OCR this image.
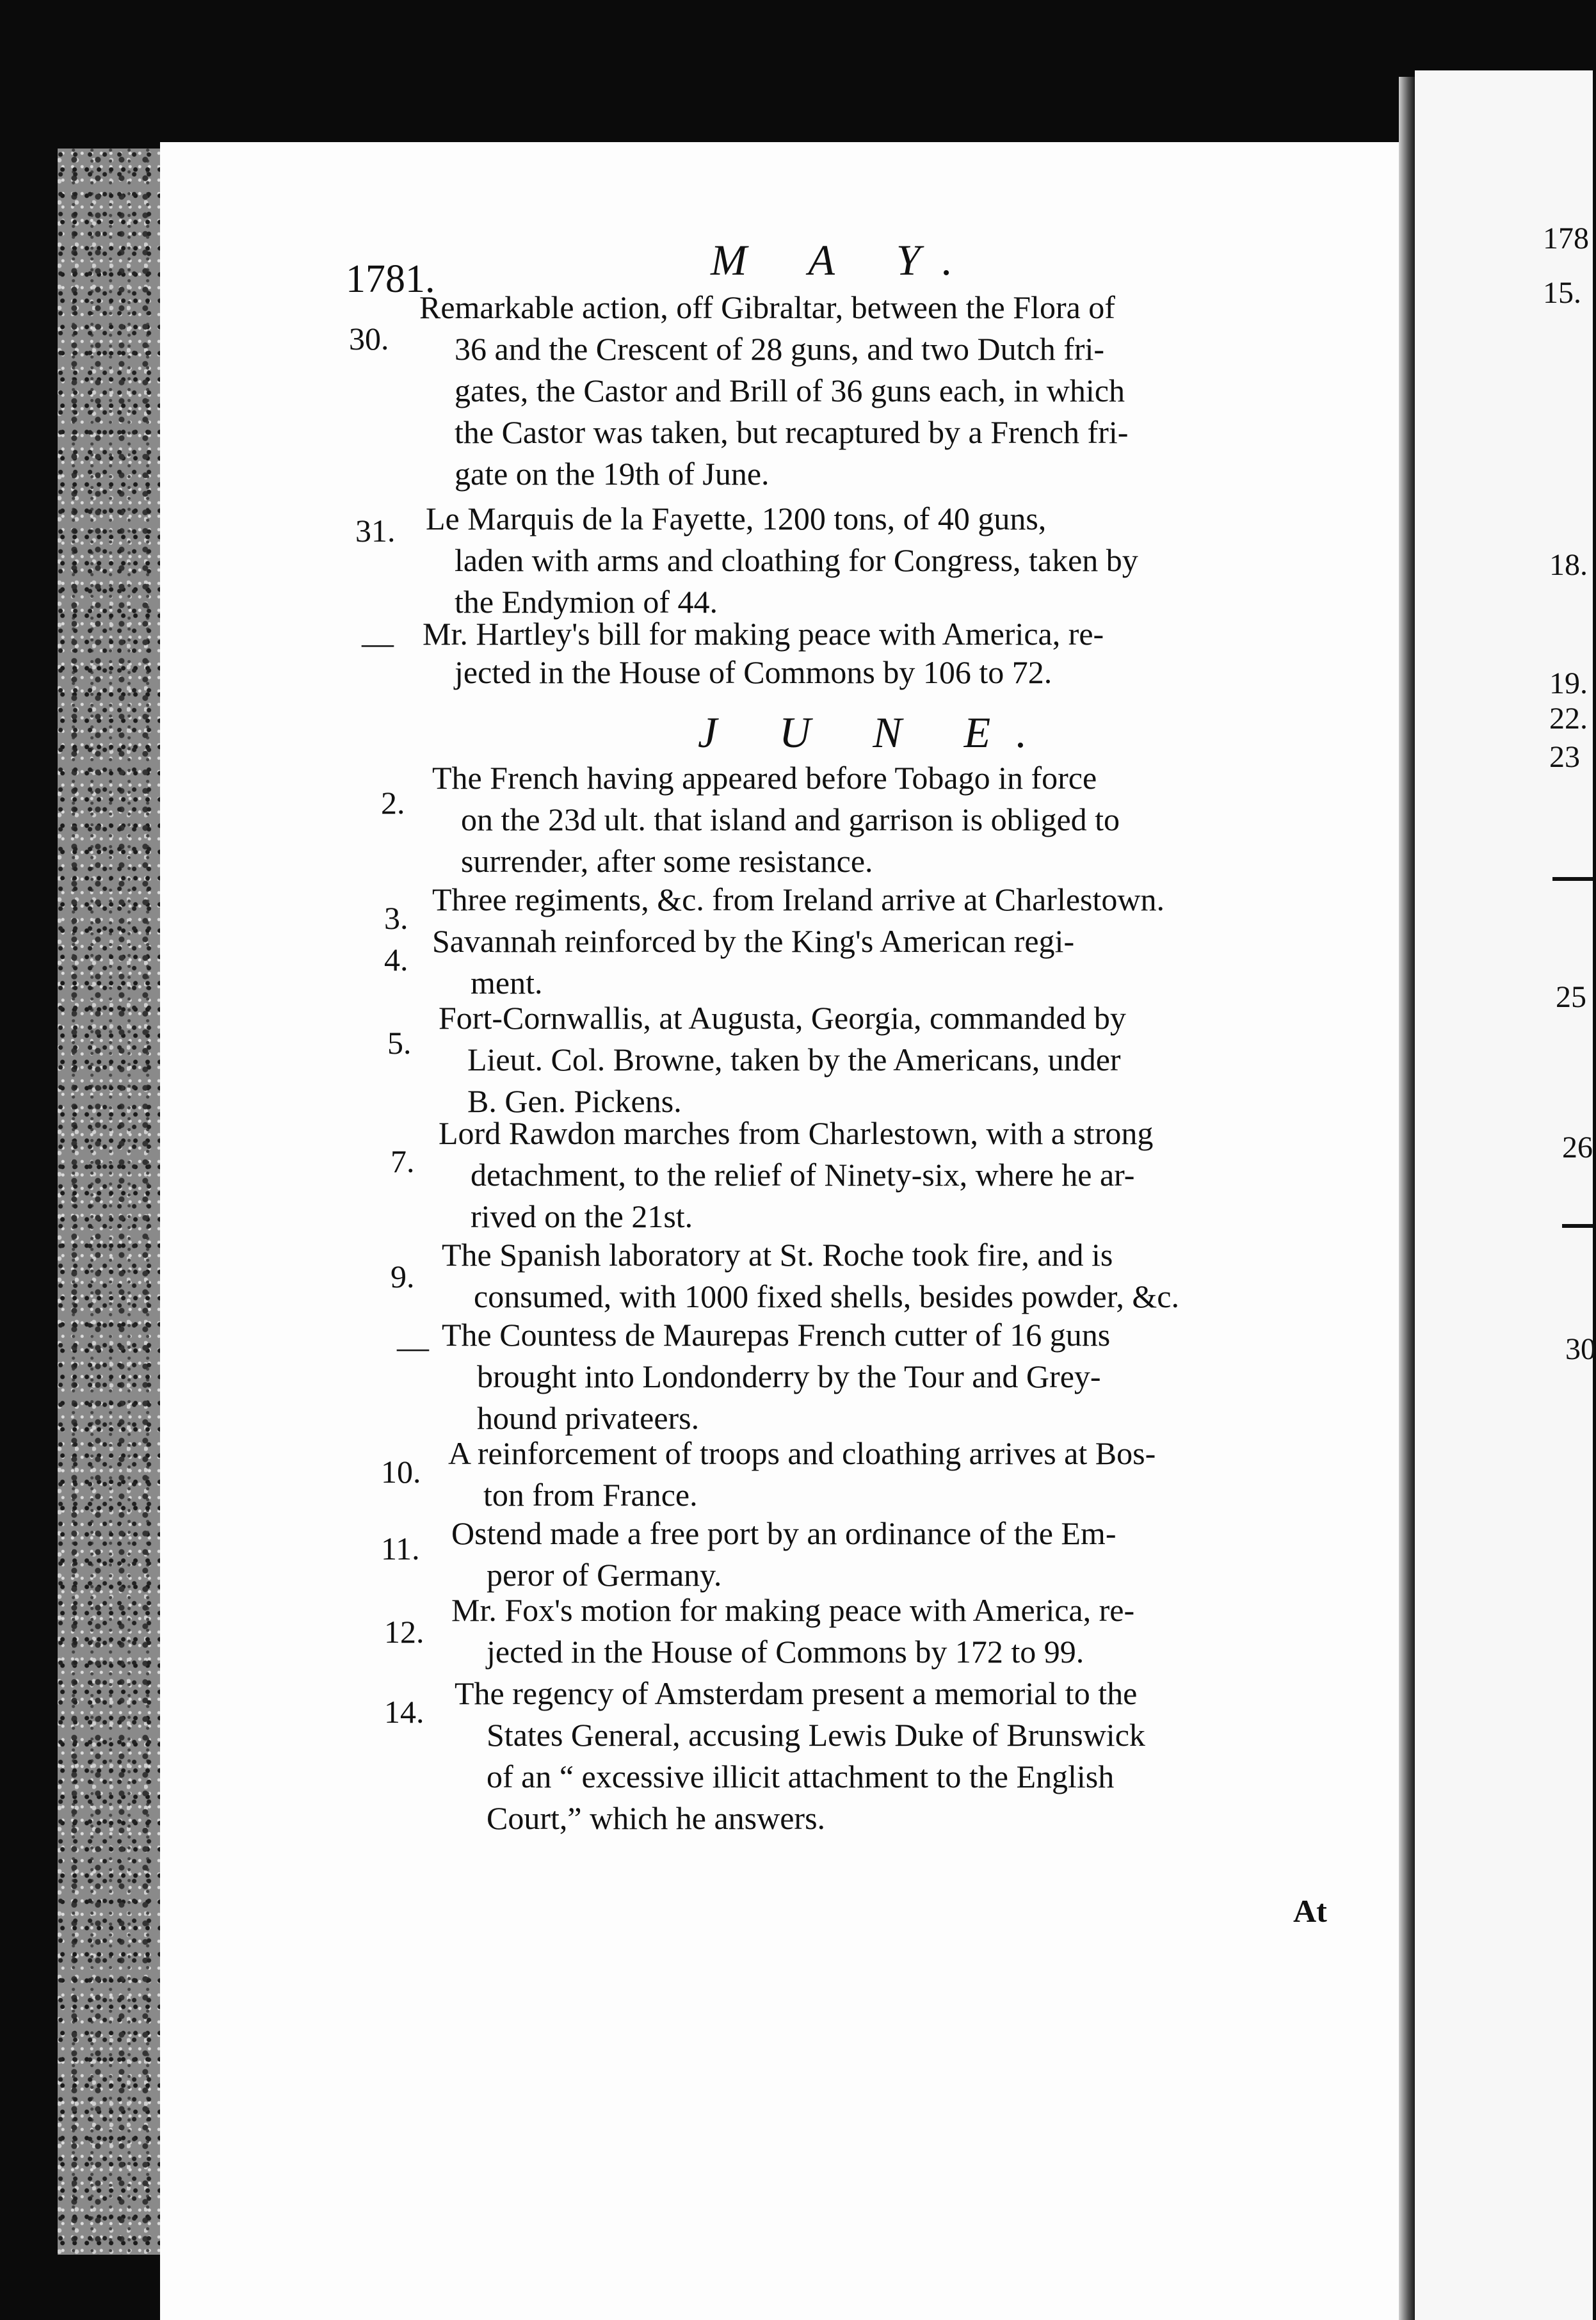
1781.	M A Y.
30.
Remarkable action, off Gibraltar, between the Flora of
36 and the Crescent of 28 guns, and two Dutch fri-
gates, the Castor and Brill of 36 guns each, in which
the Castor was taken, but recaptured by a French fri-
gate on the 19th of June.
31. Le Marquis de la Fayette, 1200 tons, of 40 guns,
laden with arms and cloathing for Congress, taken by
the Endymion of 44.
— Mr. Hartley's bill for making peace with America, re-
jected in the House of Commons by 106 to 72.
J U N E.
2.
The French having appeared before Tobago in force
on the 23d ult. that island and garrison is obliged to
surrender, after some resistance.
3.
Three regiments, &c. from Ireland arrive at Charlestown.
4.
Savannah reinforced by the King's American regi-
ment.
5.
Fort-Cornwallis, at Augusta, Georgia, commanded by
Lieut. Col. Browne, taken by the Americans, under
B. Gen. Pickens.
7.
Lord Rawdon marches from Charlestown, with a strong
detachment, to the relief of Ninety-six, where he ar-
rived on the 21st.
9.
The Spanish laboratory at St. Roche took fire, and is
consumed, with 1000 fixed shells, besides powder, &c.
— The Countess de Maurepas French cutter of 16 guns
brought into Londonderry by the Tour and Grey-
hound privateers.
10.
A reinforcement of troops and cloathing arrives at Bos-
ton from France.
11. Ostend made a free port by an ordinance of the Em-
peror of Germany.
12.
Mr. Fox's motion for making peace with America, re-
jected in the House of Commons by 172 to 99.
14.
The regency of Amsterdam present a memorial to the
States General, accusing Lewis Duke of Brunswick
of an “ excessive illicit attachment to the English
Court,” which he answers.
At
178
15.
18.
19.
22.
23
25
26
30
